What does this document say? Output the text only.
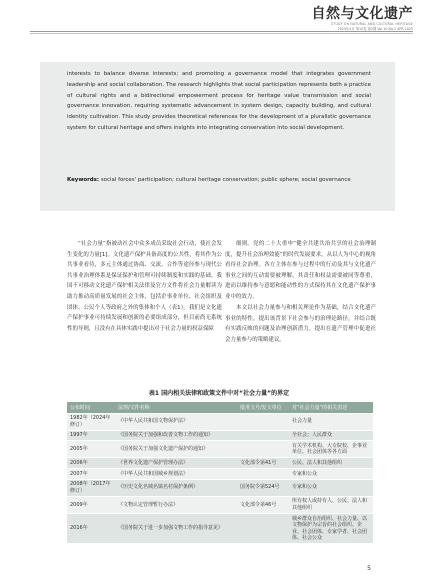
自然与文化遗产
STUDY ON NATURAL AND CULTURAL HERITAGE
2025年4月 第10卷 第2期 Vol.10 No.2 APR.2025

interests to balance diverse interests; and promoting a governance model that integrates government leadership and social collaboration. The research highlights that social participation represents both a practice of cultural rights and a bidirectional empowerment process for heritage value transmission and social governance innovation, requiring systematic advancement in system design, capacity building, and cultural identity cultivation. This study provides theoretical references for the development of a pluralistic governance system for cultural heritage and offers insights into integrating conservation into social development.

Keywords: social forces' participation; cultural heritage conservation; public sphere; social governance

“社会力量”指被动社会中众多成员采取社会行动，使社会发生变化的力量[1]。文化遗产保护具备高度的公共性，将其作为公共事业看待，多元主体通过协商、交流、合作等途径参与现代公共事业治理体系是保证保护和管理可持续制度和实践的基础。我国不可移动文化遗产保护相关法律及官方文件将社会力量解读为助力推动高质量发展的社会主体，包括企事业单位、社会组织及团体、公民个人等政府之外的集体和个人（表1）。我们是文化遗产保护事业可持续发展和创新的必要组成部分，但目前尚无系统性的导则，且没有在具体实践中提出对于社会力量的权益保障

细则。党的二十大重申“健全共建共治共享的社会治理制度，提升社会治理效能”的时代发展要求，从以人为中心的视角看待社会治理。各方主体在参与过程中的行动及其与文化遗产事业之间的互动需要被理解，其责任和权益需要被同等尊重，进而以维持参与意愿和能动性的方式保持其在文化遗产保护事业中的效力。

本文以社会力量参与和相关理论作为基础，结合文化遗产事业的特性，提出该背景下社会参与的治理论路径，并结合既有实践反映的问题及治理创新潜力，提出在遗产管理中促进社会力量参与的策略建议。

表1 国内相关法律和政策文件中对“社会力量”的界定
公布时间	法规/文件名称	批准文号/发文单位	对“社会力量”的相关表述
1982年（2024年修订）	《中华人民共和国文物保护法》		社会力量
1997年	《国务院关于加强和改善文物工作的通知》		全社会；人民群众
2005年	《国务院关于加强文化遗产保护的通知》		有关学术机构、大专院校、企事业单位、社会团体等各方面
2006年	《世界文化遗产保护管理办法》	文化部令第41号	公民、法人和其他组织
2007年	《中华人民共和国城乡规划法》		专家和公众
2008年（2017年修订）	《历史文化名城名镇名村保护条例》	国务院令第524号	专家和公众
2009年	《文物认定管理暂行办法》	文化部令第46号	所有权人或持有人、公民、法人和其他组织
2016年	《国务院关于进一步加强文物工作的指导意见》		城乡群众自治组织、社会力量、以文物保护为宗旨的社会组织、企业、社会团体、专家学者、社会团体、社会公众
5
